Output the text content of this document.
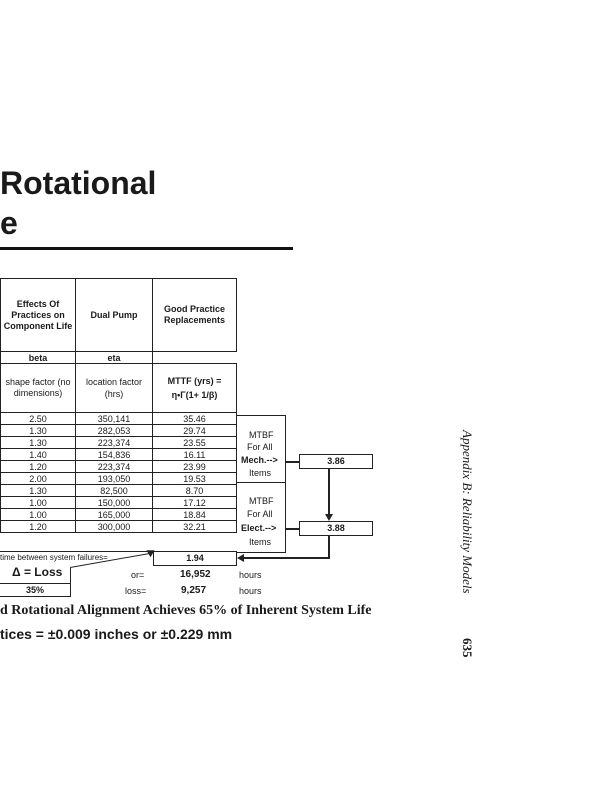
Rotational
e
Effects Of Practices on Component Life	Dual Pump	Good Practice Replacements
beta	eta	
shape factor (no dimensions)	location factor (hrs)	MTTF (yrs) = η•Γ(1+ 1/β)
2.50	350,141	35.46
1.30	282,053	29.74
1.30	223,374	23.55
1.40	154,836	16.11
1.20	223,374	23.99
2.00	193,050	19.53
1.30	82,500	8.70
1.00	150,000	17.12
1.00	165,000	18.84
1.20	300,000	32.21
MTBF
For All
Mech.-->
Items
MTBF
For All
Elect.-->
Items
3.86
3.88
time between system failures=	1.94
Δ = Loss
35%
or=	16,952	hours
loss=	9,257	hours
d Rotational Alignment Achieves 65% of Inherent System Life
tices = ±0.009 inches or ±0.229 mm
Appendix B: Reliability Models
635
